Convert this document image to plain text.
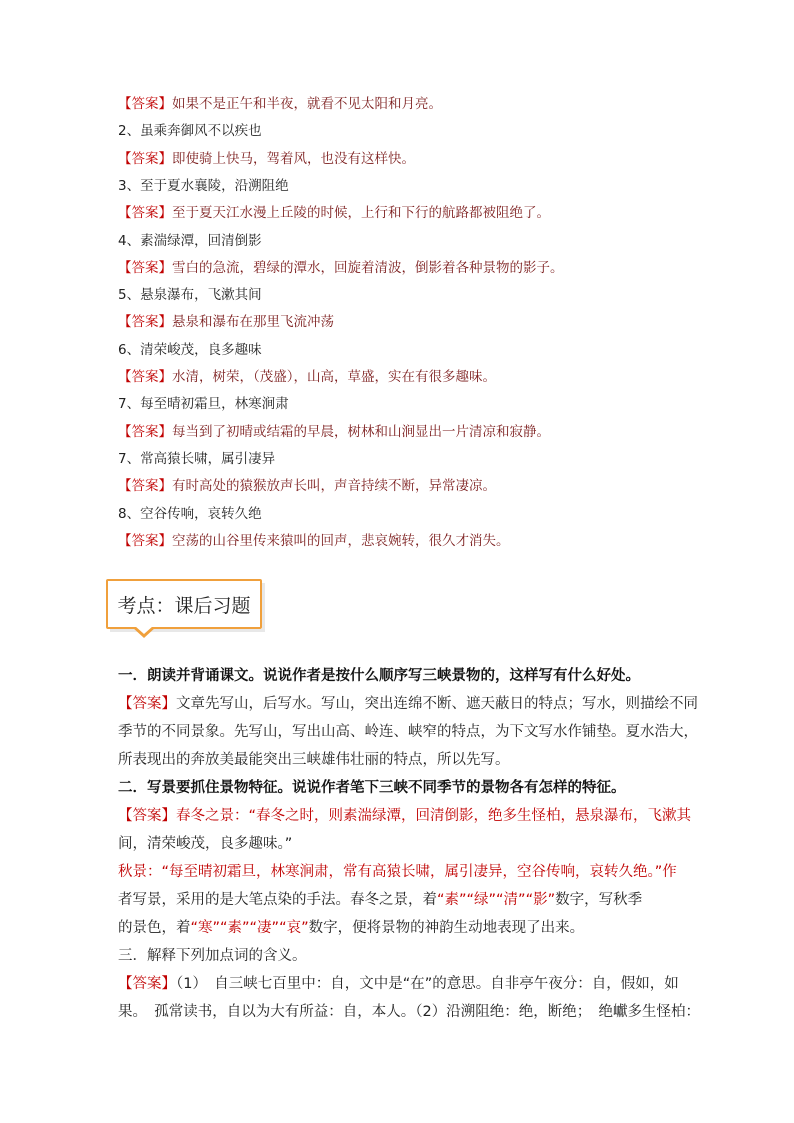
【答案】如果不是正午和半夜，就看不见太阳和月亮。
2、虽乘奔御风不以疾也
【答案】即使骑上快马，驾着风，也没有这样快。
3、至于夏水襄陵，沿溯阻绝
【答案】至于夏天江水漫上丘陵的时候，上行和下行的航路都被阻绝了。
4、素湍绿潭，回清倒影
【答案】雪白的急流，碧绿的潭水，回旋着清波，倒影着各种景物的影子。
5、悬泉瀑布，飞漱其间
【答案】悬泉和瀑布在那里飞流冲荡
6、清荣峻茂，良多趣味
【答案】水清，树荣，（茂盛），山高，草盛，实在有很多趣味。
7、每至晴初霜旦，林寒涧肃
【答案】每当到了初晴或结霜的早晨，树林和山涧显出一片清凉和寂静。
7、常高猿长啸，属引凄异
【答案】有时高处的猿猴放声长叫，声音持续不断，异常凄凉。
8、空谷传响，哀转久绝
【答案】空荡的山谷里传来猿叫的回声，悲哀婉转，很久才消失。
考点：课后习题
一．朗读并背诵课文。说说作者是按什么顺序写三峡景物的，这样写有什么好处。
【答案】文章先写山，后写水。写山，突出连绵不断、遮天蔽日的特点；写水，则描绘不同
季节的不同景象。先写山，写出山高、岭连、峡窄的特点，为下文写水作铺垫。夏水浩大，
所表现出的奔放美最能突出三峡雄伟壮丽的特点，所以先写。
二．写景要抓住景物特征。说说作者笔下三峡不同季节的景物各有怎样的特征。
【答案】春冬之景：“春冬之时，则素湍绿潭，回清倒影，绝多生怪柏，悬泉瀑布，飞漱其
间，清荣峻茂，良多趣味。”
秋景：“每至晴初霜旦，林寒涧肃，常有高猿长啸，属引凄异，空谷传响，哀转久绝。”作
者写景，采用的是大笔点染的手法。春冬之景，着“素”“绿”“清”“影”数字，写秋季
的景色，着“寒”“素”“凄”“哀”数字，便将景物的神韵生动地表现了出来。
三．解释下列加点词的含义。
【答案】（1）　自三峡七百里中：自，文中是“在”的意思。自非亭午夜分：自，假如，如
果。　孤常读书，自以为大有所益：自，本人。（2）沿溯阻绝：绝，断绝；　绝巘多生怪柏：
